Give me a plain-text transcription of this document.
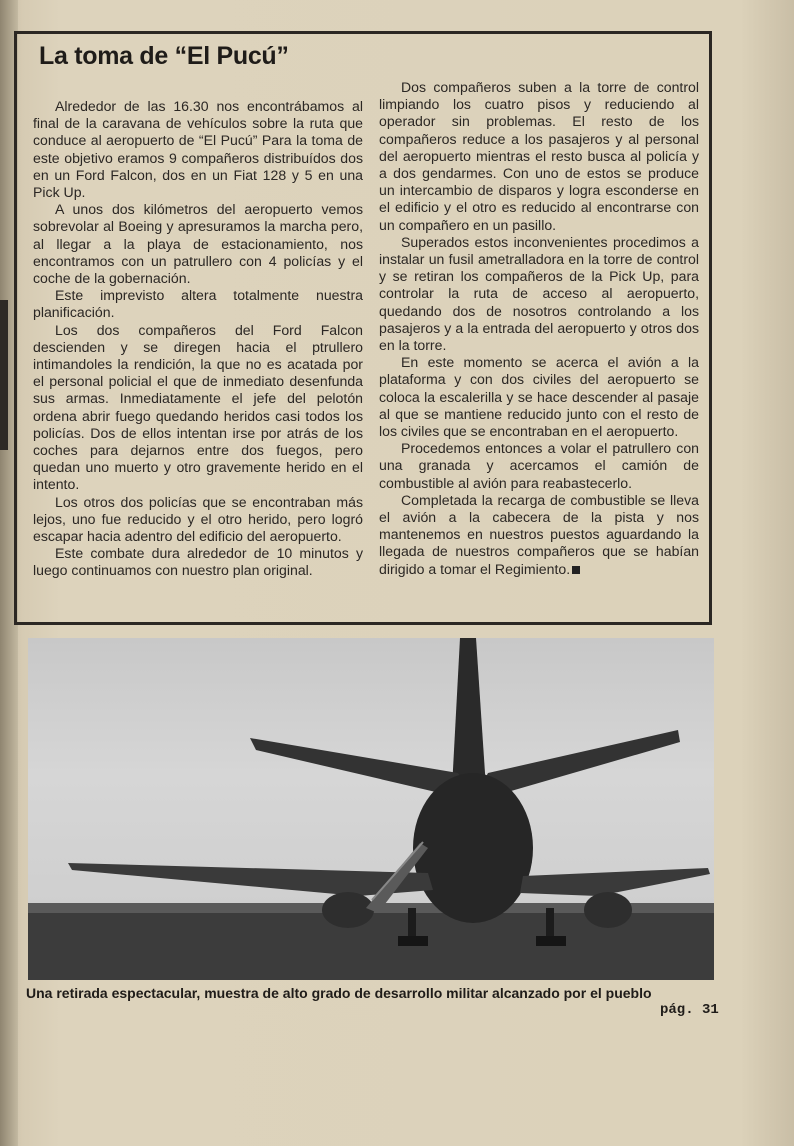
La toma de “El Pucú”

Alrededor de las 16.30 nos encontrábamos al final de la caravana de vehículos sobre la ruta que conduce al aeropuerto de “El Pucú” Para la toma de este objetivo eramos 9 compañeros distribuídos dos en un Ford Falcon, dos en un Fiat 128 y 5 en una Pick Up.

A unos dos kilómetros del aeropuerto vemos sobrevolar al Boeing y apresuramos la marcha pero, al llegar a la playa de estacionamiento, nos encontramos con un patrullero con 4 policías y el coche de la gobernación.

Este imprevisto altera totalmente nuestra planificación.

Los dos compañeros del Ford Falcon descienden y se diregen hacia el ptrullero intimandoles la rendición, la que no es acatada por el personal policial el que de inmediato desenfunda sus armas. Inmediatamente el jefe del pelotón ordena abrir fuego quedando heridos casi todos los policías. Dos de ellos intentan irse por atrás de los coches para dejarnos entre dos fuegos, pero quedan uno muerto y otro gravemente herido en el intento.

Los otros dos policías que se encontraban más lejos, uno fue reducido y el otro herido, pero logró escapar hacia adentro del edificio del aeropuerto.

Este combate dura alrededor de 10 minutos y luego continuamos con nuestro plan original.

Dos compañeros suben a la torre de control limpiando los cuatro pisos y reduciendo al operador sin problemas. El resto de los compañeros reduce a los pasajeros y al personal del aeropuerto mientras el resto busca al policía y a dos gendarmes. Con uno de estos se produce un intercambio de disparos y logra esconderse en el edificio y el otro es reducido al encontrarse con un compañero en un pasillo.

Superados estos inconvenientes procedimos a instalar un fusil ametralladora en la torre de control y se retiran los compañeros de la Pick Up, para controlar la ruta de acceso al aeropuerto, quedando dos de nosotros controlando a los pasajeros y a la entrada del aeropuerto y otros dos en la torre.

En este momento se acerca el avión a la plataforma y con dos civiles del aeropuerto se coloca la escalerilla y se hace descender al pasaje al que se mantiene reducido junto con el resto de los civiles que se encontraban en el aeropuerto.

Procedemos entonces a volar el patrullero con una granada y acercamos el camión de combustible al avión para reabastecerlo.

Completada la recarga de combustible se lleva el avión a la cabecera de la pista y nos mantenemos en nuestros puestos aguardando la llegada de nuestros compañeros que se habían dirigido a tomar el Regimiento.

Una retirada espectacular, muestra de alto grado de desarrollo militar alcanzado por el pueblo

pág. 31
